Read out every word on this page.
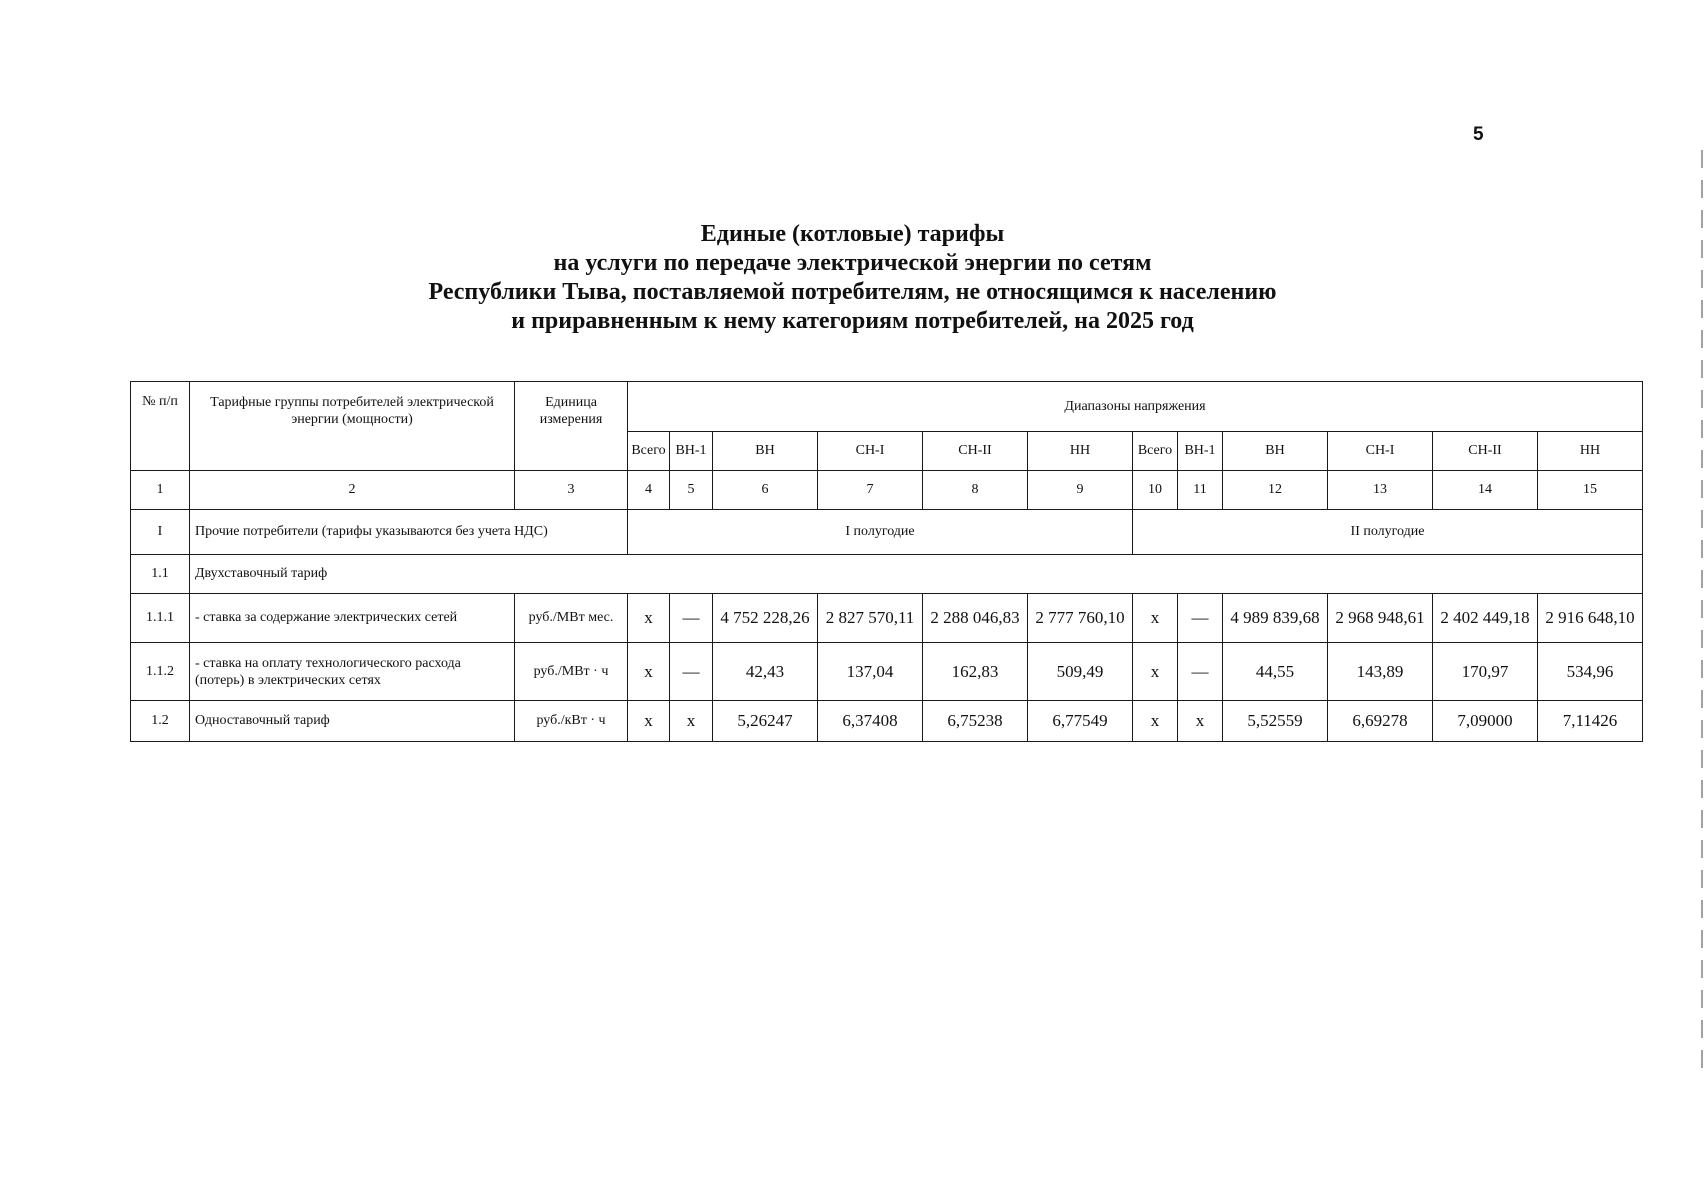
5
Единые (котловые) тарифы
на услуги по передаче электрической энергии по сетям
Республики Тыва, поставляемой потребителям, не относящимся к населению
и приравненным к нему категориям потребителей, на 2025 год
№ п/п	Тарифные группы потребителей электрической энергии (мощности)	Единица измерения	Диапазоны напряжения											
			Всего	ВН-1	ВН	СН-I	СН-II	НН	Всего	ВН-1	ВН	СН-I	СН-II	НН
1	2	3	4	5	6	7	8	9	10	11	12	13	14	15
I	Прочие потребители (тарифы указываются без учета НДС)		I полугодие						II полугодие					
1.1	Двухставочный тариф													
1.1.1	- ставка за содержание электрических сетей	руб./МВт мес.	x	—	4 752 228,26	2 827 570,11	2 288 046,83	2 777 760,10	x	—	4 989 839,68	2 968 948,61	2 402 449,18	2 916 648,10
1.1.2	- ставка на оплату технологического расхода (потерь) в электрических сетях	руб./МВт · ч	x	—	42,43	137,04	162,83	509,49	x	—	44,55	143,89	170,97	534,96
1.2	Одноставочный тариф	руб./кВт · ч	x	x	5,26247	6,37408	6,75238	6,77549	x	x	5,52559	6,69278	7,09000	7,11426
